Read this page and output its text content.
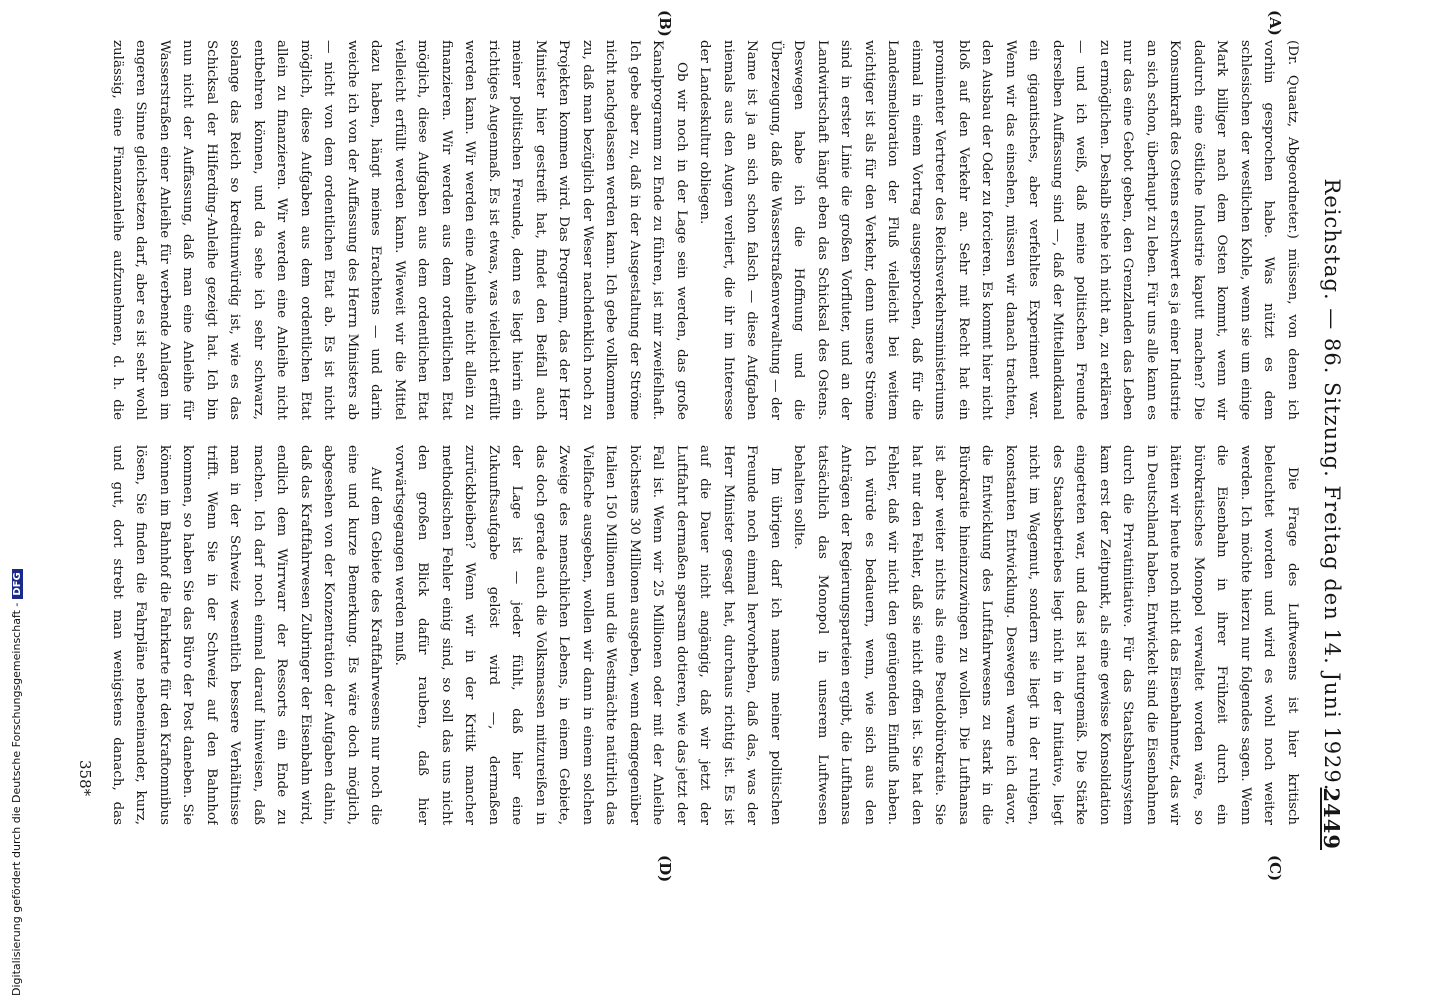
Reichstag. — 86. Sitzung. Freitag den 14. Juni 1929.
2449
(A)
(B)
(C)
(D)

(Dr. Quaatz, Abgeordneter.) müssen, von denen ich vorhin gesprochen habe. Was nützt es dem schlesischen der westlichen Kohle, wenn sie um einige Mark billiger nach dem Osten kommt, wenn wir dadurch eine östliche Industrie kaputt machen? Die Konsumkraft des Ostens erschwert es ja einer Industrie an sich schon, überhaupt zu leben. Für uns alle kann es nur das eine Gebot geben, den Grenzlanden das Leben zu ermöglichen. Deshalb stehe ich nicht an, zu erklären — und ich weiß, daß meine politischen Freunde derselben Auffassung sind —, daß der Mittellandkanal ein gigantisches, aber verfehltes Experiment war. Wenn wir das einsehen, müssen wir danach trachten, den Ausbau der Oder zu forcieren. Es kommt hier nicht bloß auf den Verkehr an. Sehr mit Recht hat ein prominenter Vertreter des Reichsverkehrsministeriums einmal in einem Vortrag ausgesprochen, daß für die Landesmelioration der Fluß vielleicht bei weitem wichtiger ist als für den Verkehr, denn unsere Ströme sind in erster Linie die großen Vorfluter, und an der Landwirtschaft hängt eben das Schicksal des Ostens. Deswegen habe ich die Hoffnung und die Überzeugung, daß die Wasserstraßenverwaltung — der Name ist ja an sich schon falsch — diese Aufgaben niemals aus den Augen verliert, die ihr im Interesse der Landeskultur obliegen.

Ob wir noch in der Lage sein werden, das große Kanalprogramm zu Ende zu führen, ist mir zweifelhaft. Ich gebe aber zu, daß in der Ausgestaltung der Ströme nicht nachgelassen werden kann. Ich gebe vollkommen zu, daß man bezüglich der Weser nachdenklich noch zu Projekten kommen wird. Das Programm, das der Herr Minister hier gestreift hat, findet den Beifall auch meiner politischen Freunde, denn es liegt hierin ein richtiges Augenmaß. Es ist etwas, was vielleicht erfüllt werden kann. Wir werden eine Anleihe nicht allein zu finanzieren. Wir werden aus dem ordentlichen Etat möglich, diese Aufgaben aus dem ordentlichen Etat vielleicht erfüllt werden kann. Wieweit wir die Mittel dazu haben, hängt meines Erachtens — und darin weiche ich von der Auffassung des Herrn Ministers ab — nicht von dem ordentlichen Etat ab. Es ist nicht möglich, diese Aufgaben aus dem ordentlichen Etat allein zu finanzieren. Wir werden eine Anleihe nicht entbehren können, und da sehe ich sehr schwarz, solange das Reich so kreditunwürdig ist, wie es das Schicksal der Hilferding-Anleihe gezeigt hat. Ich bin nun nicht der Auffassung, daß man eine Anleihe für Wasserstraßen einer Anleihe für werbende Anlagen im engeren Sinne gleichsetzen darf, aber es ist sehr wohl zulässig, eine Finanzanleihe aufzunehmen, d. h. die

Die Frage des Luftwesens ist hier kritisch beleuchtet worden und wird es wohl noch weiter werden. Ich möchte hierzu nur folgendes sagen. Wenn die Eisenbahn in ihrer Frühzeit durch ein bürokratisches Monopol verwaltet worden wäre, so hätten wir heute noch nicht das Eisenbahnnetz, das wir in Deutschland haben. Entwickelt sind die Eisenbahnen durch die Privatinitiative. Für das Staatsbahnsystem kam erst der Zeitpunkt, als eine gewisse Konsolidation eingetreten war, und das ist naturgemäß. Die Stärke des Staatsbetriebes liegt nicht in der Initiative, liegt nicht im Wagemut, sondern sie liegt in der ruhigen, konstanten Entwicklung. Deswegen warne ich davor, die Entwicklung des Luftfahrwesens zu stark in die Bürokratie hineinzuzwingen zu wollen. Die Lufthansa ist aber weiter nichts als eine Pseudobürokratie. Sie hat nur den Fehler, daß sie nicht offen ist. Sie hat den Fehler, daß wir nicht den genügenden Einfluß haben. Ich würde es bedauern, wenn, wie sich aus den Anträgen der Regierungsparteien ergibt, die Lufthansa tatsächlich das Monopol in unserem Luftwesen behalten sollte.

Im übrigen darf ich namens meiner politischen Freunde noch einmal hervorheben, daß das, was der Herr Minister gesagt hat, durchaus richtig ist. Es ist auf die Dauer nicht angängig, daß wir jetzt der Luftfahrt dermaßen sparsam dotieren, wie das jetzt der Fall ist. Wenn wir 25 Millionen oder mit der Anleihe höchstens 30 Millionen ausgeben, wenn demgegenüber Italien 150 Millionen und die Westmächte natürlich das Vielfache ausgeben, wollen wir dann in einem solchen Zweige des menschlichen Lebens, in einem Gebiete, das doch gerade auch die Volksmassen mitzureißen in der Lage ist — jeder fühlt, daß hier eine Zukunftsaufgabe gelöst wird —, dermaßen zurückbleiben? Wenn wir in der Kritik mancher methodischen Fehler einig sind, so soll das uns nicht den großen Blick dafür rauben, daß hier vorwärtsgegangen werden muß.

Auf dem Gebiete des Kraftfahrwesens nur noch die eine und kurze Bemerkung. Es wäre doch möglich, abgesehen von der Konzentration der Aufgaben dahin, daß das Kraftfahrwesen Zubringer der Eisenbahn wird, endlich dem Wirrwarr der Ressorts ein Ende zu machen. Ich darf noch einmal darauf hinweisen, daß man in der Schweiz wesentlich bessere Verhältnisse trifft. Wenn Sie in der Schweiz auf den Bahnhof kommen, so haben Sie das Büro der Post daneben. Sie können im Bahnhof die Fahrkarte für den Kraftomnibus lösen, Sie finden die Fahrpläne nebeneinander, kurz, und gut, dort strebt man wenigstens danach, das

358*
Digitalisierung gefördert durch die Deutsche Forschungsgemeinschaft -DFG
